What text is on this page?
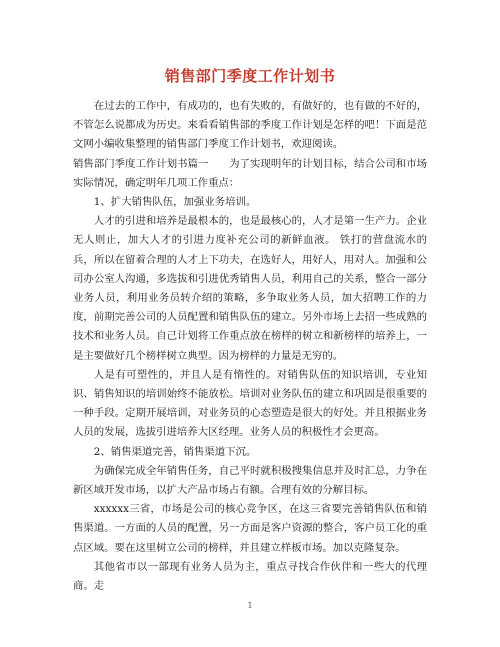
销售部门季度工作计划书

在过去的工作中，有成功的，也有失败的，有做好的，也有做的不好的，不管怎么说都成为历史。来看看销售部的季度工作计划是怎样的吧！下面是范文网小编收集整理的销售部门季度工作计划书，欢迎阅读。

销售部门季度工作计划书篇一　　为了实现明年的计划目标，结合公司和市场实际情况，确定明年几项工作重点：

1、扩大销售队伍，加强业务培训。

人才的引进和培养是最根本的，也是最核心的，人才是第一生产力。企业无人则止，加大人才的引进力度补充公司的新鲜血液。 铁打的营盘流水的兵，所以在留着合理的人才上下功夫，在选好人，用好人，用对人。加强和公司办公室人沟通，多选拔和引进优秀销售人员，利用自己的关系，整合一部分业务人员，利用业务员转介绍的策略，多争取业务人员，加大招聘工作的力度，前期完善公司的人员配置和销售队伍的建立。另外市场上去招一些成熟的技术和业务人员。自己计划将工作重点放在榜样的树立和新榜样的培养上，一是主要做好几个榜样树立典型。因为榜样的力量是无穷的。

人是有可塑性的，并且人是有惰性的。对销售队伍的知识培训，专业知识、销售知识的培训始终不能放松。培训对业务队伍的建立和巩固是很重要的一种手段。定期开展培训，对业务员的心态塑造是很大的好处。并且根据业务人员的发展，选拔引进培养大区经理。业务人员的积极性才会更高。

2、销售渠道完善，销售渠道下沉。

为确保完成全年销售任务，自己平时就积极搜集信息并及时汇总，力争在新区域开发市场，以扩大产品市场占有额。合理有效的分解目标。

xxxxxx三省，市场是公司的核心竞争区，在这三省要完善销售队伍和销售渠道。一方面的人员的配置，另一方面是客户资源的整合，客户员工化的重点区域。要在这里树立公司的榜样，并且建立样板市场。加以克隆复杂。

其他省市以一部现有业务人员为主，重点寻找合作伙伴和一些大的代理商。走

1
